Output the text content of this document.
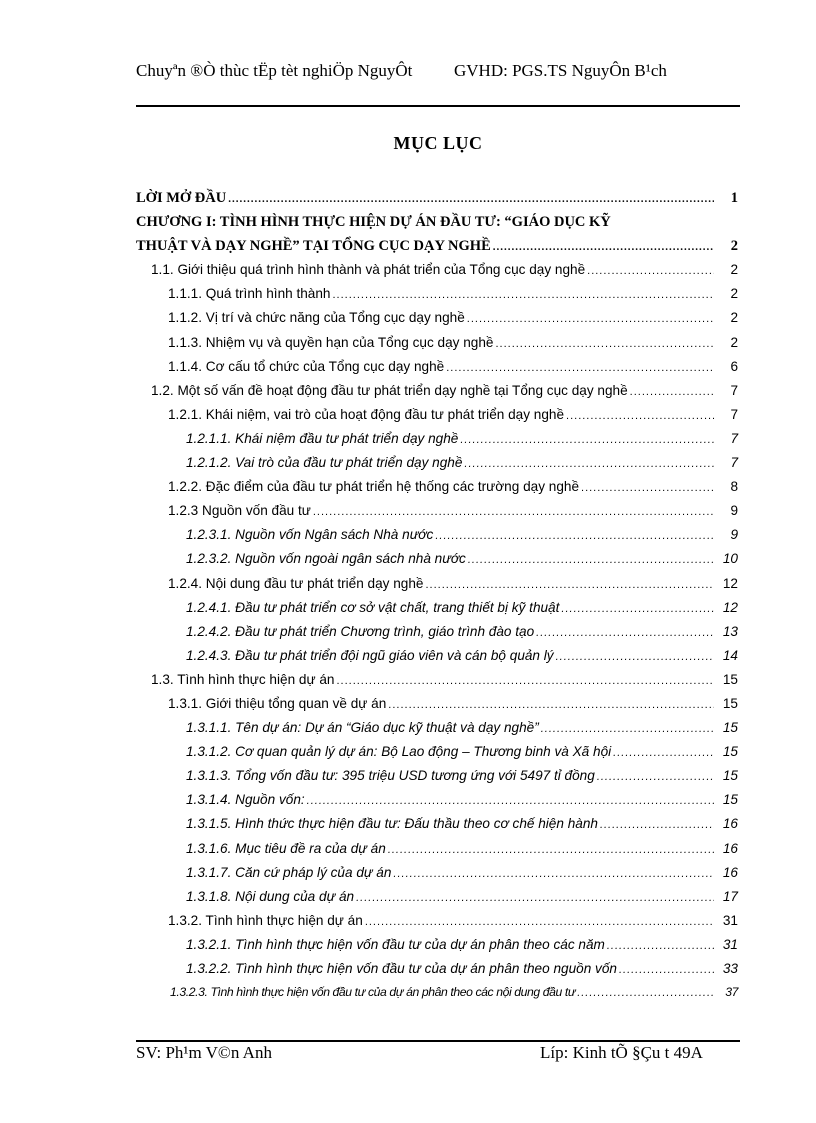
Chuyªn ®Ò thùc tËp tèt nghiÖp NguyÔt	GVHD: PGS.TS NguyÔn B¹ch
MỤC LỤC
LỜI MỞ ĐẦU .....	1
CHƯƠNG I: TÌNH HÌNH THỰC HIỆN DỰ ÁN ĐẦU TƯ: “GIÁO DỤC KỸ
THUẬT VÀ DẠY NGHỀ” TẠI TỔNG CỤC DẠY NGHỀ .....	2
1.1. Giới thiệu quá trình hình thành và phát triển của Tổng cục dạy nghề .....	2
1.1.1. Quá trình hình thành .....	2
1.1.2. Vị trí và chức năng của Tổng cục dạy nghề .....	2
1.1.3. Nhiệm vụ và quyền hạn của Tổng cục dạy nghề .....	2
1.1.4. Cơ cấu tổ chức của Tổng cục dạy nghề .....	6
1.2. Một số vấn đề hoạt động đầu tư phát triển dạy nghề tại Tổng cục dạy nghề .....	7
1.2.1. Khái niệm, vai trò của hoạt động đầu tư phát triển dạy nghề .....	7
1.2.1.1. Khái niệm đầu tư phát triển dạy nghề .....	7
1.2.1.2. Vai trò của đầu tư phát triển dạy nghề .....	7
1.2.2. Đặc điểm của đầu tư phát triển hệ thống các trường dạy nghề .....	8
1.2.3 Nguồn vốn đầu tư .....	9
1.2.3.1. Nguồn vốn Ngân sách Nhà nước .....	9
1.2.3.2. Nguồn vốn ngoài ngân sách nhà nước .....	10
1.2.4. Nội dung đầu tư phát triển dạy nghề .....	12
1.2.4.1. Đầu tư phát triển cơ sở vật chất, trang thiết bị kỹ thuật .....	12
1.2.4.2. Đầu tư phát triển Chương trình, giáo trình đào tạo .....	13
1.2.4.3. Đầu tư phát triển đội ngũ giáo viên và cán bộ quản lý .....	14
1.3. Tình hình thực hiện dự án .....	15
1.3.1. Giới thiệu tổng quan về dự án .....	15
1.3.1.1. Tên dự án: Dự án “Giáo dục kỹ thuật và dạy nghề” .....	15
1.3.1.2. Cơ quan quản lý dự án: Bộ Lao động – Thương binh và Xã hội .....	15
1.3.1.3. Tổng vốn đầu tư: 395 triệu USD tương ứng với 5497 tỉ đồng .....	15
1.3.1.4. Nguồn vốn: .....	15
1.3.1.5. Hình thức thực hiện đầu tư: Đấu thầu theo cơ chế hiện hành .....	16
1.3.1.6. Mục tiêu đề ra của dự án .....	16
1.3.1.7. Căn cứ pháp lý của dự án .....	16
1.3.1.8. Nội dung của dự án .....	17
1.3.2. Tình hình thực hiện dự án .....	31
1.3.2.1. Tình hình thực hiện vốn đầu tư của dự án phân theo các năm .....	31
1.3.2.2. Tình hình thực hiện vốn đầu tư của dự án phân theo nguồn vốn .....	33
1.3.2.3. Tình hình thực hiện vốn đầu tư của dự án phân theo các nội dung đầu tư .....	37
SV: Ph¹m V©n Anh	Líp: Kinh tÕ §Çu t 49A
